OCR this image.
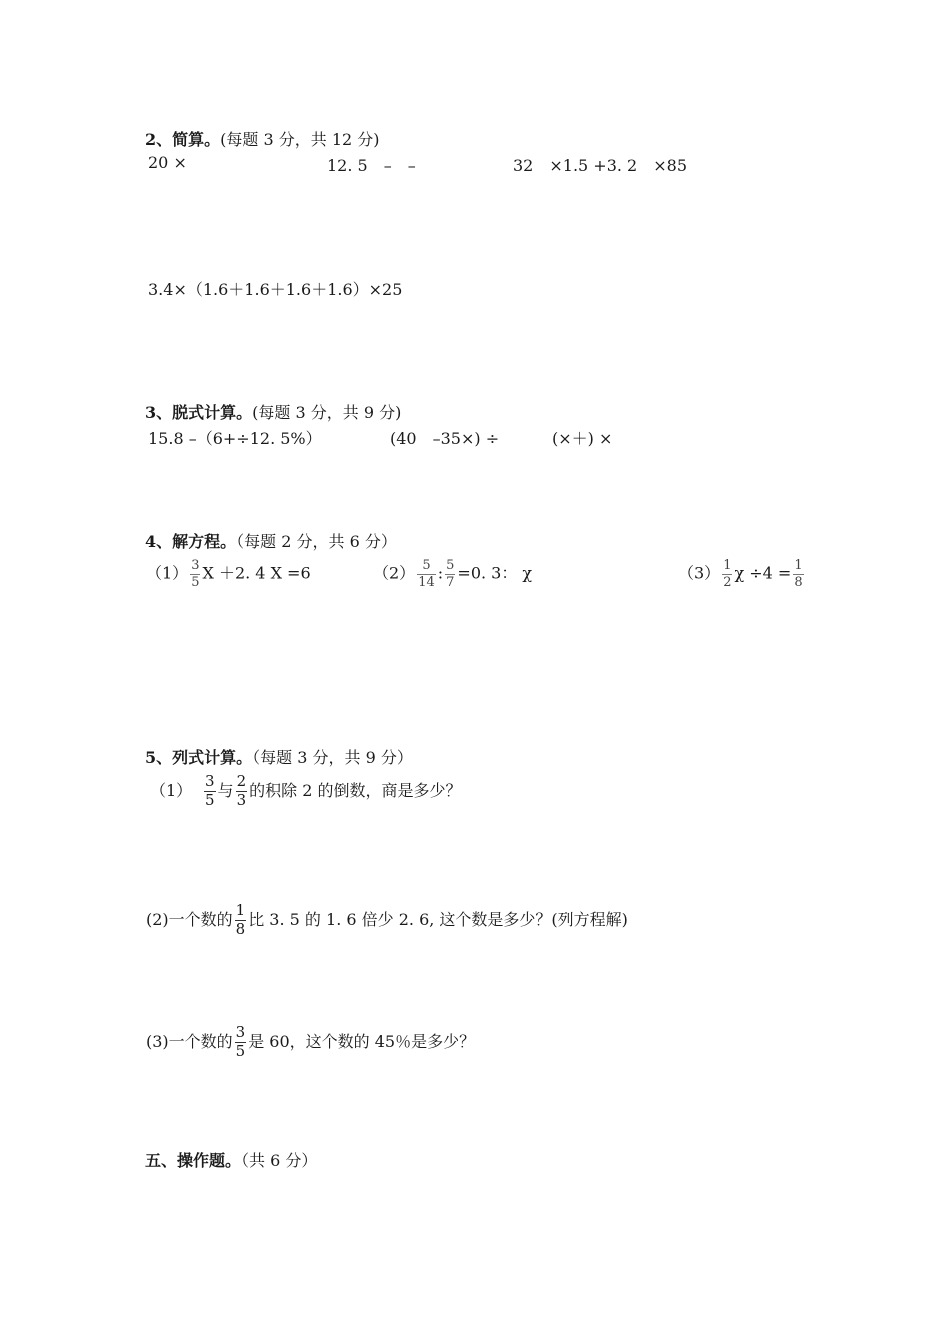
2、简算。(每题 3 分，共 12 分)
20 ×	12. 5　–　–	32　×1.5 +3. 2　×85
3.4×（1.6＋1.6＋1.6＋1.6）×25
3、脱式计算。(每题 3 分，共 9 分)
15.8 –（6+÷12. 5%）	(40　–35×) ÷	(×＋) ×
4、解方程。（每题 2 分，共 6 分）
$(1) \frac{3}{5}$ X ＋2. 4 X =6	$(2) \frac{5}{14}$ : $\frac{5}{7} =0$. 3： χ	$(3) \frac{1}{2}$ $\chi \div 4 = \frac{1}{8}$
5、列式计算。（每题 3 分，共 9 分）
$(1) \frac{3}{5}$ 与 $\frac{2}{3}$ 的积除 2 的倒数，商是多少？
(2)一个数的 $\frac{1}{8}$ 比 3. 5 的 1. 6 倍少 2. 6, 这个数是多少？(列方程解)
(3)一个数的 $\frac{3}{5}$ 是 60，这个数的 45％是多少？
五、操作题。（共 6 分）
